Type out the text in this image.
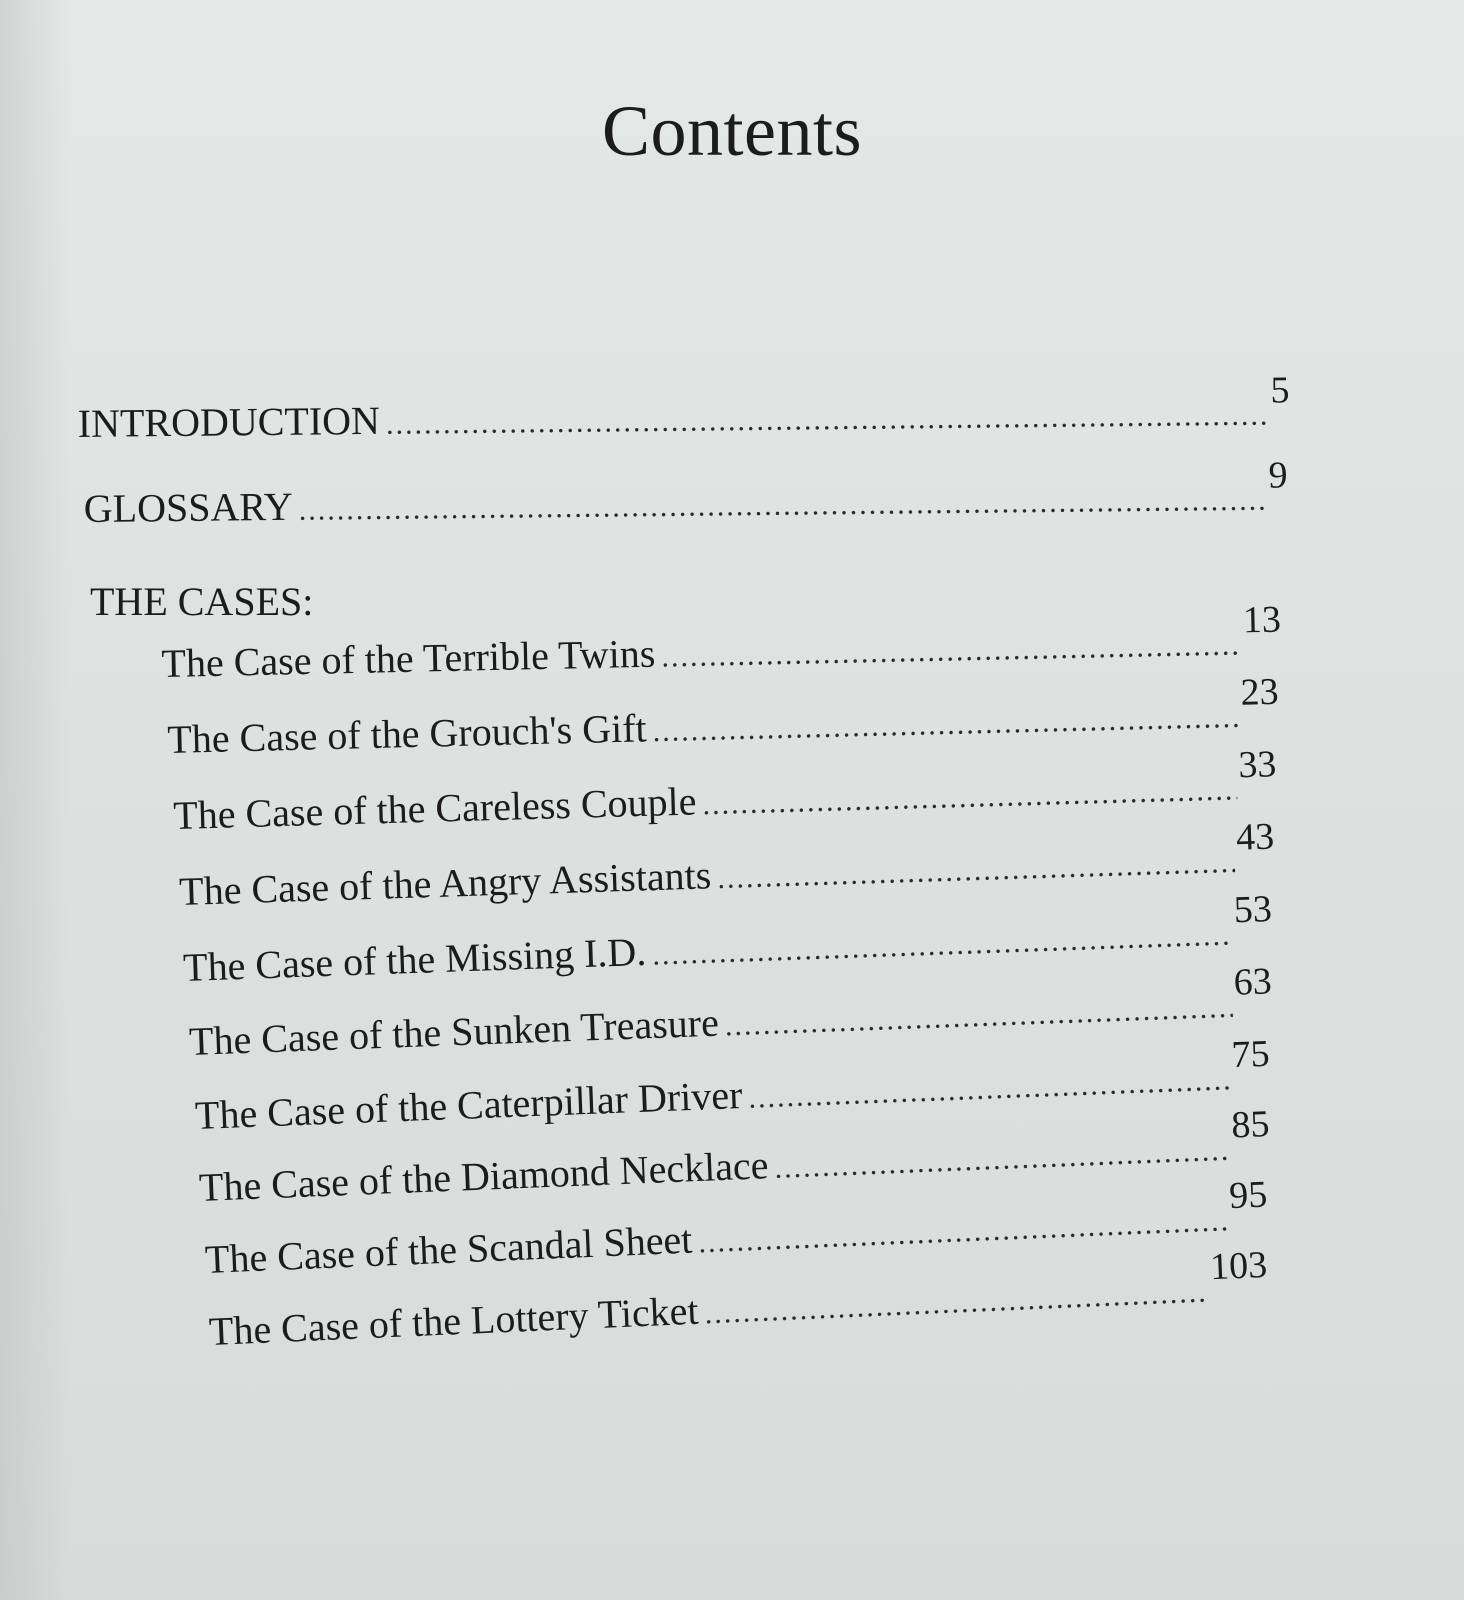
Contents
INTRODUCTION
.....
5
GLOSSARY
.....
9
THE CASES:
The Case of the Terrible Twins
.....
13
The Case of the Grouch's Gift
.....
23
The Case of the Careless Couple
.....
33
The Case of the Angry Assistants
.....
43
The Case of the Missing I.D.
.....
53
The Case of the Sunken Treasure
.....
63
The Case of the Caterpillar Driver
.....
75
The Case of the Diamond Necklace
.....
85
The Case of the Scandal Sheet
.....
95
The Case of the Lottery Ticket
.....
103
